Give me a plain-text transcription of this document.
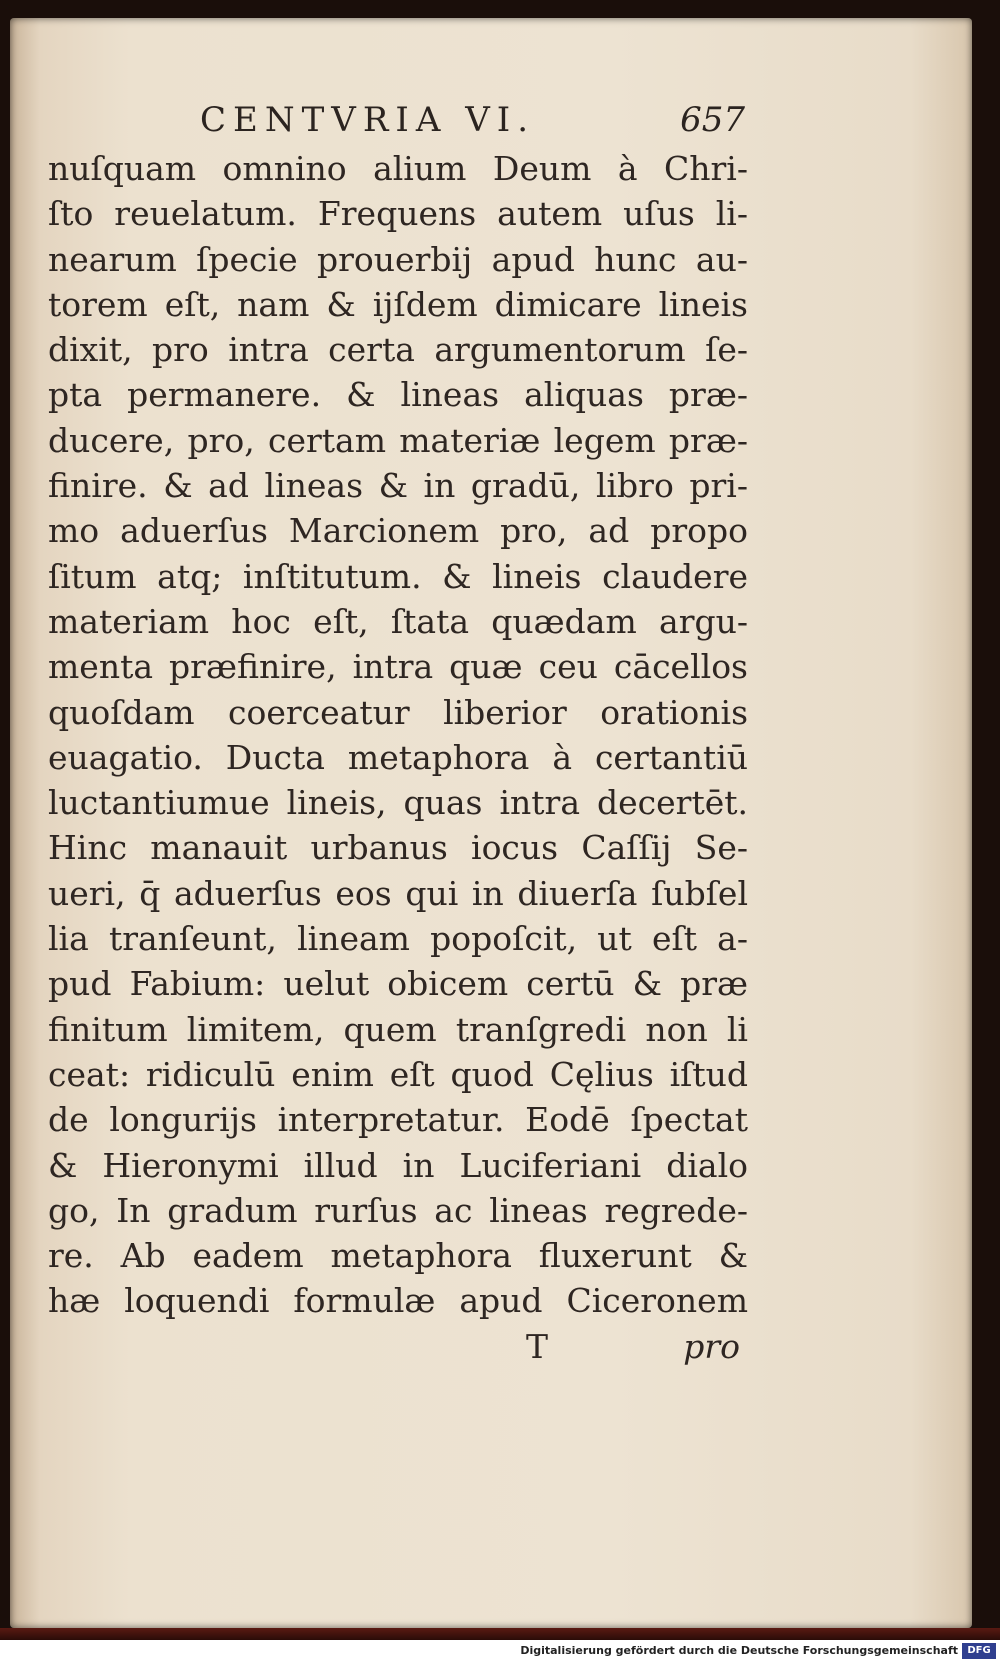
CENTVRIA VI.	657
nuſquam omnino alium Deum à Chri-
ſto reuelatum. Frequens autem uſus li-
nearum ſpecie prouerbij apud hunc au-
torem eſt, nam & ijſdem dimicare lineis
dixit, pro intra certa argumentorum ſe-
pta permanere. & lineas aliquas præ-
ducere, pro, certam materiæ legem præ-
finire. & ad lineas & in gradū, libro pri-
mo aduerſus Marcionem pro, ad propo
ſitum atq; inſtitutum. & lineis claudere
materiam hoc eſt, ſtata quædam argu-
menta præfinire, intra quæ ceu cācellos
quoſdam coerceatur liberior orationis
euagatio. Ducta metaphora à certantiū
luctantiumue lineis, quas intra decertēt.
Hinc manauit urbanus iocus Caſſij Se-
ueri, q̄ aduerſus eos qui in diuerſa ſubſel
lia tranſeunt, lineam popoſcit, ut eſt a-
pud Fabium: uelut obicem certū & præ
finitum limitem, quem tranſgredi non li
ceat: ridiculū enim eſt quod Cęlius iſtud
de longurijs interpretatur. Eodē ſpectat
& Hieronymi illud in Luciferiani dialo
go, In gradum rurſus ac lineas regrede-
re. Ab eadem metaphora fluxerunt &
hæ loquendi formulæ apud Ciceronem
T	pro
Digitalisierung gefördert durch die Deutsche Forschungsgemeinschaft DFG
